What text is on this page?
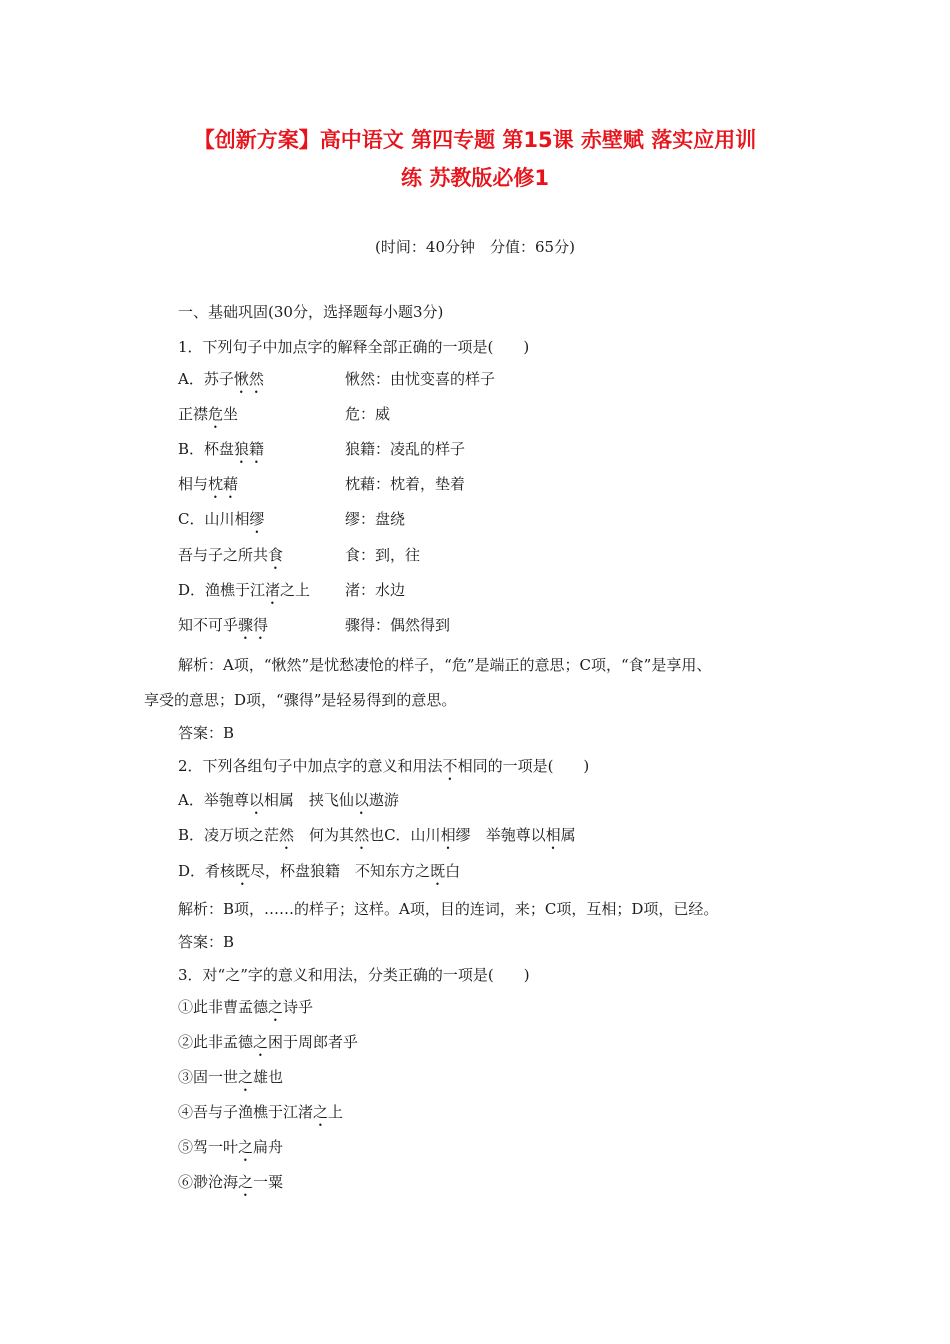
【创新方案】高中语文 第四专题 第15课 赤壁赋 落实应用训
练 苏教版必修1
(时间：40分钟　分值：65分)
一、基础巩固(30分，选择题每小题3分)
1．下列句子中加点字的解释全部正确的一项是(　　)
A．苏子愀然	愀然：由忧变喜的样子
正襟危坐	危：威
B．杯盘狼籍	狼籍：凌乱的样子
相与枕藉	枕藉：枕着，垫着
C．山川相缪	缪：盘绕
吾与子之所共食	食：到，往
D．渔樵于江渚之上 渚：水边
知不可乎骤得	骤得：偶然得到
解析：A项，“愀然”是忧愁凄怆的样子，“危”是端正的意思；C项，“食”是享用、
享受的意思；D项，“骤得”是轻易得到的意思。
答案：B
2．下列各组句子中加点字的意义和用法不相同的一项是(　　)
A．举匏尊以相属　挟飞仙以遨游
B．凌万顷之茫然　何为其然也C．山川相缪　举匏尊以相属
D．肴核既尽，杯盘狼籍　不知东方之既白
解析：B项，……的样子；这样。A项，目的连词，来；C项，互相；D项，已经。
答案：B
3．对“之”字的意义和用法，分类正确的一项是(　　)
①此非曹孟德之诗乎
②此非孟德之困于周郎者乎
③固一世之雄也
④吾与子渔樵于江渚之上
⑤驾一叶之扁舟
⑥渺沧海之一粟
